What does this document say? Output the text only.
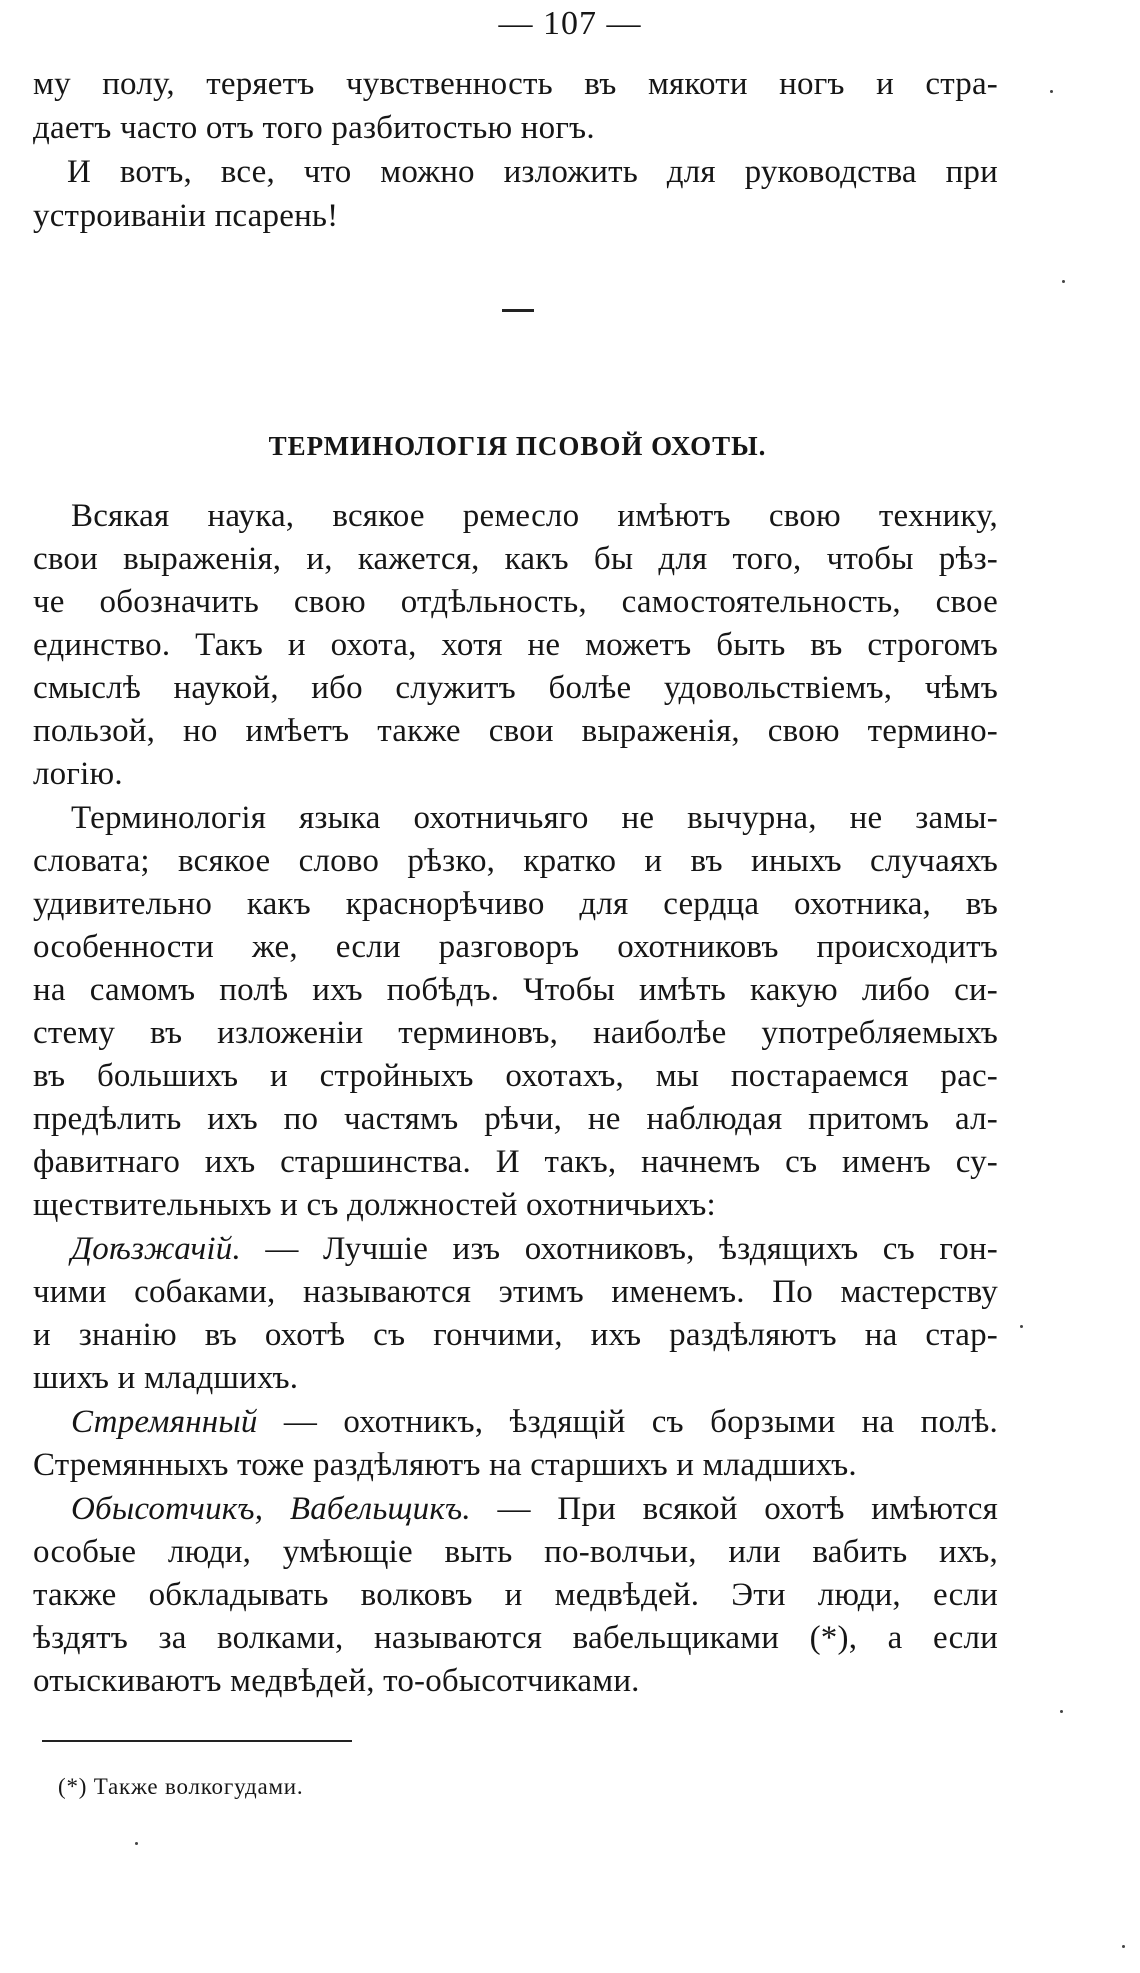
— 107 —
му полу, теряетъ чувственность въ мякоти ногъ и стра-
даетъ часто отъ того разбитостью ногъ.
И вотъ, все, что можно изложить для руководства при
устроиваніи псарень!
ТЕРМИНОЛОГІЯ ПСОВОЙ ОХОТЫ.
Всякая наука, всякое ремесло имѣютъ свою технику,
свои выраженія, и, кажется, какъ бы для того, чтобы рѣз-
че обозначить свою отдѣльность, самостоятельность, свое
единство. Такъ и охота, хотя не можетъ быть въ строгомъ
смыслѣ наукой, ибо служитъ болѣе удовольствіемъ, чѣмъ
пользой, но имѣетъ также свои выраженія, свою термино-
логію.
Терминологія языка охотничьяго не вычурна, не замы-
словата; всякое слово рѣзко, кратко и въ иныхъ случаяхъ
удивительно какъ краснорѣчиво для сердца охотника, въ
особенности же, если разговоръ охотниковъ происходитъ
на самомъ полѣ ихъ побѣдъ. Чтобы имѣть какую либо си-
стему въ изложеніи терминовъ, наиболѣе употребляемыхъ
въ большихъ и стройныхъ охотахъ, мы постараемся рас-
предѣлить ихъ по частямъ рѣчи, не наблюдая притомъ ал-
фавитнаго ихъ старшинства. И такъ, начнемъ съ именъ су-
ществительныхъ и съ должностей охотничьихъ:
Доѣзжачій. — Лучшіе изъ охотниковъ, ѣздящихъ съ гон-
чими собаками, называются этимъ именемъ. По мастерству
и знанію въ охотѣ съ гончими, ихъ раздѣляютъ на стар-
шихъ и младшихъ.
Стремянный — охотникъ, ѣздящій съ борзыми на полѣ.
Стремянныхъ тоже раздѣляютъ на старшихъ и младшихъ.
Обысотчикъ, Вабельщикъ. — При всякой охотѣ имѣются
особые люди, умѣющіе выть по-волчьи, или вабить ихъ,
также обкладывать волковъ и медвѣдей. Эти люди, если
ѣздятъ за волками, называются вабельщиками (*), а если
отыскиваютъ медвѣдей, то-обысотчиками.
(*) Также волкогудами.
